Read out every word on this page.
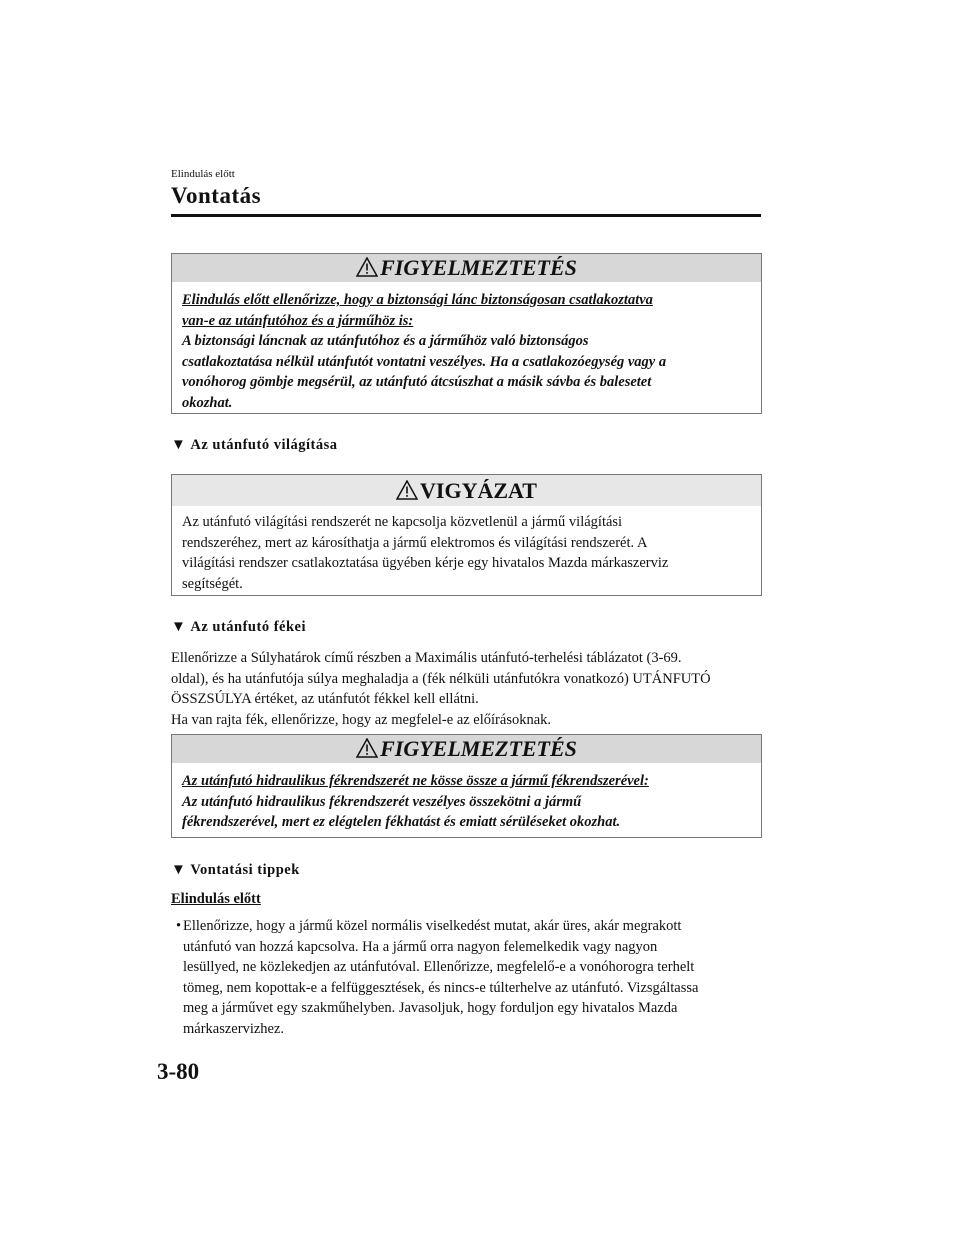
Elindulás előtt
Vontatás
FIGYELMEZTETÉS
Elindulás előtt ellenőrizze, hogy a biztonsági lánc biztonságosan csatlakoztatva
van-e az utánfutóhoz és a járműhöz is:
A biztonsági láncnak az utánfutóhoz és a járműhöz való biztonságos
csatlakoztatása nélkül utánfutót vontatni veszélyes. Ha a csatlakozóegység vagy a
vonóhorog gömbje megsérül, az utánfutó átcsúszhat a másik sávba és balesetet
okozhat.
▼ Az utánfutó világítása
VIGYÁZAT
Az utánfutó világítási rendszerét ne kapcsolja közvetlenül a jármű világítási
rendszeréhez, mert az károsíthatja a jármű elektromos és világítási rendszerét. A
világítási rendszer csatlakoztatása ügyében kérje egy hivatalos Mazda márkaszerviz
segítségét.
▼ Az utánfutó fékei
Ellenőrizze a Súlyhatárok című részben a Maximális utánfutó-terhelési táblázatot (3-69.
oldal), és ha utánfutója súlya meghaladja a (fék nélküli utánfutókra vonatkozó) UTÁNFUTÓ
ÖSSZSÚLYA értéket, az utánfutót fékkel kell ellátni.
Ha van rajta fék, ellenőrizze, hogy az megfelel-e az előírásoknak.
FIGYELMEZTETÉS
Az utánfutó hidraulikus fékrendszerét ne kösse össze a jármű fékrendszerével:
Az utánfutó hidraulikus fékrendszerét veszélyes összekötni a jármű
fékrendszerével, mert ez elégtelen fékhatást és emiatt sérüléseket okozhat.
▼ Vontatási tippek
Elindulás előtt
• Ellenőrizze, hogy a jármű közel normális viselkedést mutat, akár üres, akár megrakott
utánfutó van hozzá kapcsolva. Ha a jármű orra nagyon felemelkedik vagy nagyon
lesüllyed, ne közlekedjen az utánfutóval. Ellenőrizze, megfelelő-e a vonóhorogra terhelt
tömeg, nem kopottak-e a felfüggesztések, és nincs-e túlterhelve az utánfutó. Vizsgáltassa
meg a járművet egy szakműhelyben. Javasoljuk, hogy forduljon egy hivatalos Mazda
márkaszervizhez.
3-80
